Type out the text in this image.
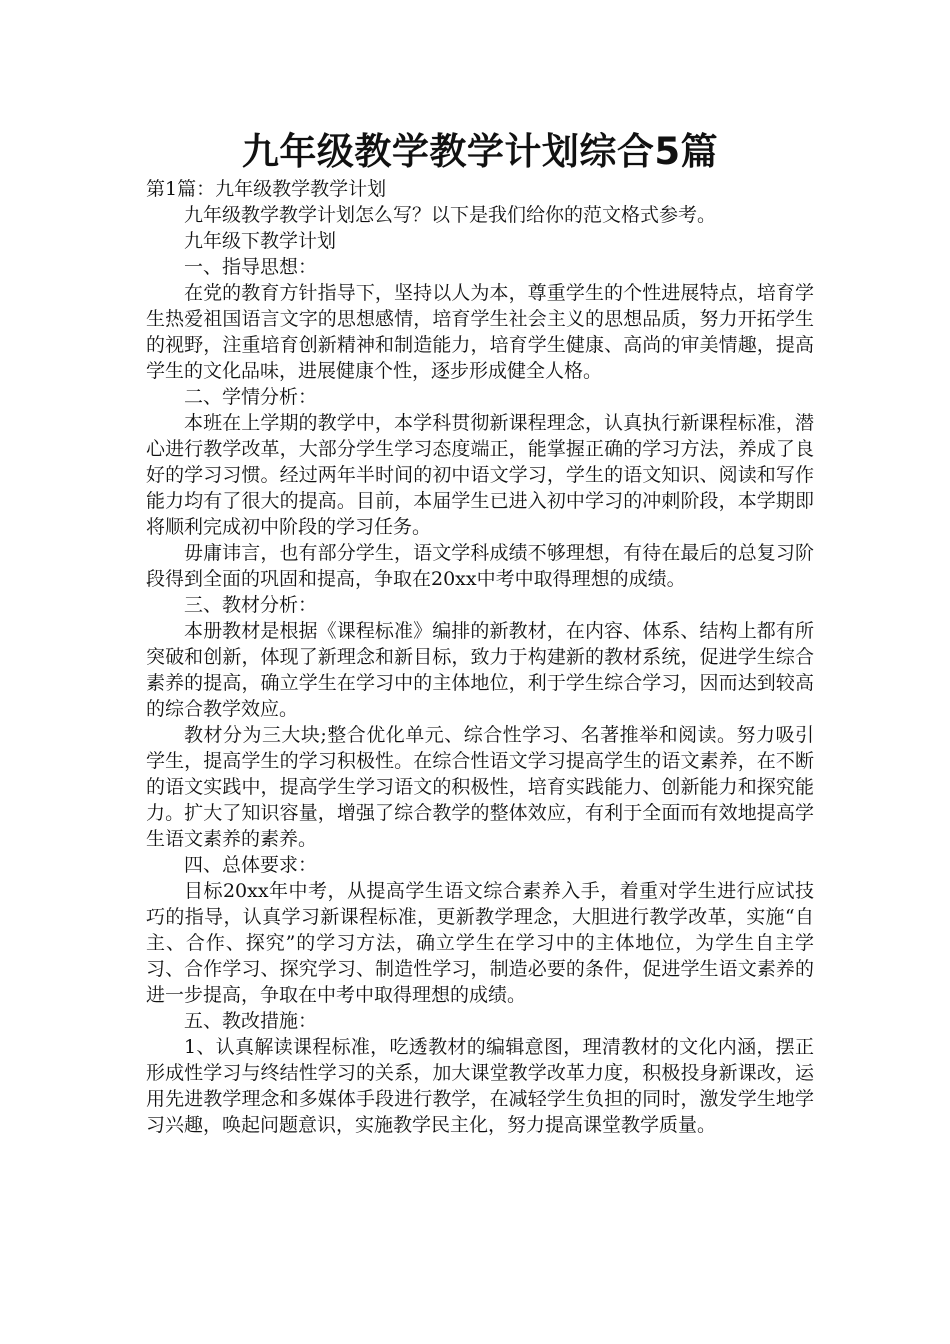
九年级教学教学计划综合5篇

第1篇：九年级教学教学计划

九年级教学教学计划怎么写？以下是我们给你的范文格式参考。

九年级下教学计划

一、指导思想：

在党的教育方针指导下，坚持以人为本，尊重学生的个性进展特点，培育学生热爱祖国语言文字的思想感情，培育学生社会主义的思想品质，努力开拓学生的视野，注重培育创新精神和制造能力，培育学生健康、高尚的审美情趣，提高学生的文化品味，进展健康个性，逐步形成健全人格。

二、学情分析：

本班在上学期的教学中，本学科贯彻新课程理念，认真执行新课程标准，潜心进行教学改革，大部分学生学习态度端正，能掌握正确的学习方法，养成了良好的学习习惯。经过两年半时间的初中语文学习，学生的语文知识、阅读和写作能力均有了很大的提高。目前，本届学生已进入初中学习的冲刺阶段，本学期即将顺利完成初中阶段的学习任务。

毋庸讳言，也有部分学生，语文学科成绩不够理想，有待在最后的总复习阶段得到全面的巩固和提高，争取在20xx中考中取得理想的成绩。

三、教材分析：

本册教材是根据《课程标准》编排的新教材，在内容、体系、结构上都有所突破和创新，体现了新理念和新目标，致力于构建新的教材系统，促进学生综合素养的提高，确立学生在学习中的主体地位，利于学生综合学习，因而达到较高的综合教学效应。

教材分为三大块;整合优化单元、综合性学习、名著推举和阅读。努力吸引学生，提高学生的学习积极性。在综合性语文学习提高学生的语文素养，在不断的语文实践中，提高学生学习语文的积极性，培育实践能力、创新能力和探究能力。扩大了知识容量，增强了综合教学的整体效应，有利于全面而有效地提高学生语文素养的素养。

四、总体要求：

目标20xx年中考，从提高学生语文综合素养入手，着重对学生进行应试技巧的指导，认真学习新课程标准，更新教学理念，大胆进行教学改革，实施“自主、合作、探究”的学习方法，确立学生在学习中的主体地位，为学生自主学习、合作学习、探究学习、制造性学习，制造必要的条件，促进学生语文素养的进一步提高，争取在中考中取得理想的成绩。

五、教改措施：

1、认真解读课程标准，吃透教材的编辑意图，理清教材的文化内涵，摆正形成性学习与终结性学习的关系，加大课堂教学改革力度，积极投身新课改，运用先进教学理念和多媒体手段进行教学，在减轻学生负担的同时，激发学生地学习兴趣，唤起问题意识，实施教学民主化，努力提高课堂教学质量。
